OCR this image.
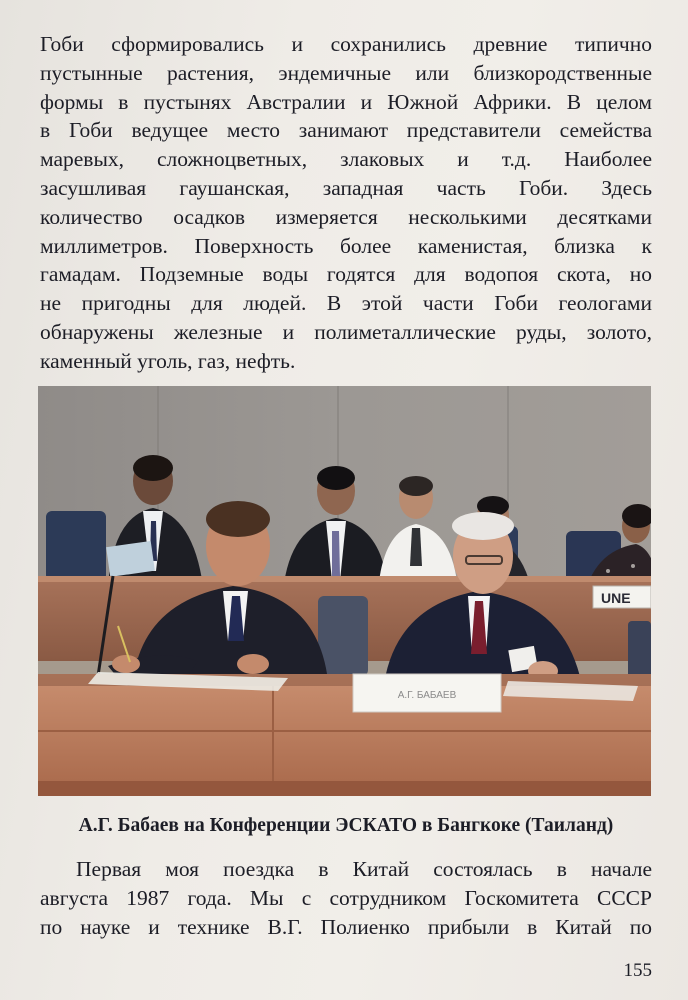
Гоби сформировались и сохранились древние типично
пустынные растения, эндемичные или близкородственные
формы в пустынях Австралии и Южной Африки. В целом
в Гоби ведущее место занимают представители семейства
маревых, сложноцветных, злаковых и т.д. Наиболее
засушливая гаушанская, западная часть Гоби. Здесь
количество осадков измеряется несколькими десятками
миллиметров. Поверхность более каменистая, близка к
гамадам. Подземные воды годятся для водопоя скота, но
не пригодны для людей. В этой части Гоби геологами
обнаружены железные и полиметаллические руды, золото,
каменный уголь, газ, нефть.
UNE
А.Г. БАБАЕВ
А.Г. Бабаев на Конференции ЭСКАТО в Бангкоке (Таиланд)
Первая моя поездка в Китай состоялась в начале
августа 1987 года. Мы с сотрудником Госкомитета СССР
по науке и технике В.Г. Полиенко прибыли в Китай по
155
